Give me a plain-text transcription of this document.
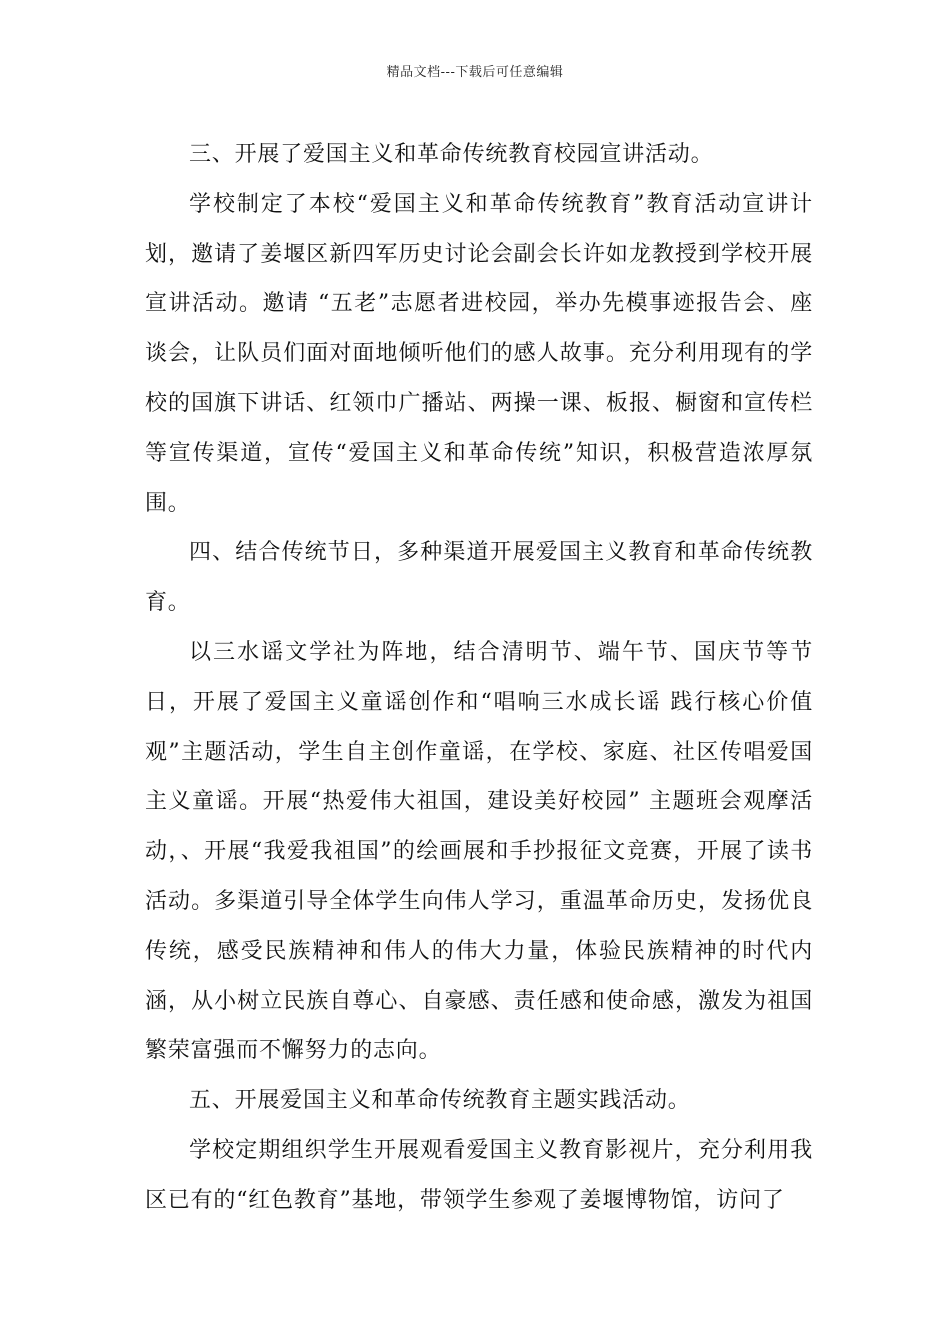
精品文档---下载后可任意编辑

三、开展了爱国主义和革命传统教育校园宣讲活动。

学校制定了本校“爱国主义和革命传统教育”教育活动宣讲计划，邀请了姜堰区新四军历史讨论会副会长许如龙教授到学校开展宣讲活动。邀请 “五老”志愿者进校园，举办先模事迹报告会、座谈会，让队员们面对面地倾听他们的感人故事。充分利用现有的学校的国旗下讲话、红领巾广播站、两操一课、板报、橱窗和宣传栏等宣传渠道，宣传“爱国主义和革命传统”知识，积极营造浓厚氛围。

四、结合传统节日，多种渠道开展爱国主义教育和革命传统教育。

以三水谣文学社为阵地，结合清明节、端午节、国庆节等节日，开展了爱国主义童谣创作和“唱响三水成长谣 践行核心价值观”主题活动，学生自主创作童谣，在学校、家庭、社区传唱爱国主义童谣。开展“热爱伟大祖国，建设美好校园” 主题班会观摩活动，、开展“我爱我祖国”的绘画展和手抄报征文竞赛，开展了读书活动。多渠道引导全体学生向伟人学习，重温革命历史，发扬优良传统，感受民族精神和伟人的伟大力量，体验民族精神的时代内涵，从小树立民族自尊心、自豪感、责任感和使命感，激发为祖国繁荣富强而不懈努力的志向。

五、开展爱国主义和革命传统教育主题实践活动。

学校定期组织学生开展观看爱国主义教育影视片，充分利用我区已有的“红色教育”基地，带领学生参观了姜堰博物馆，访问了
